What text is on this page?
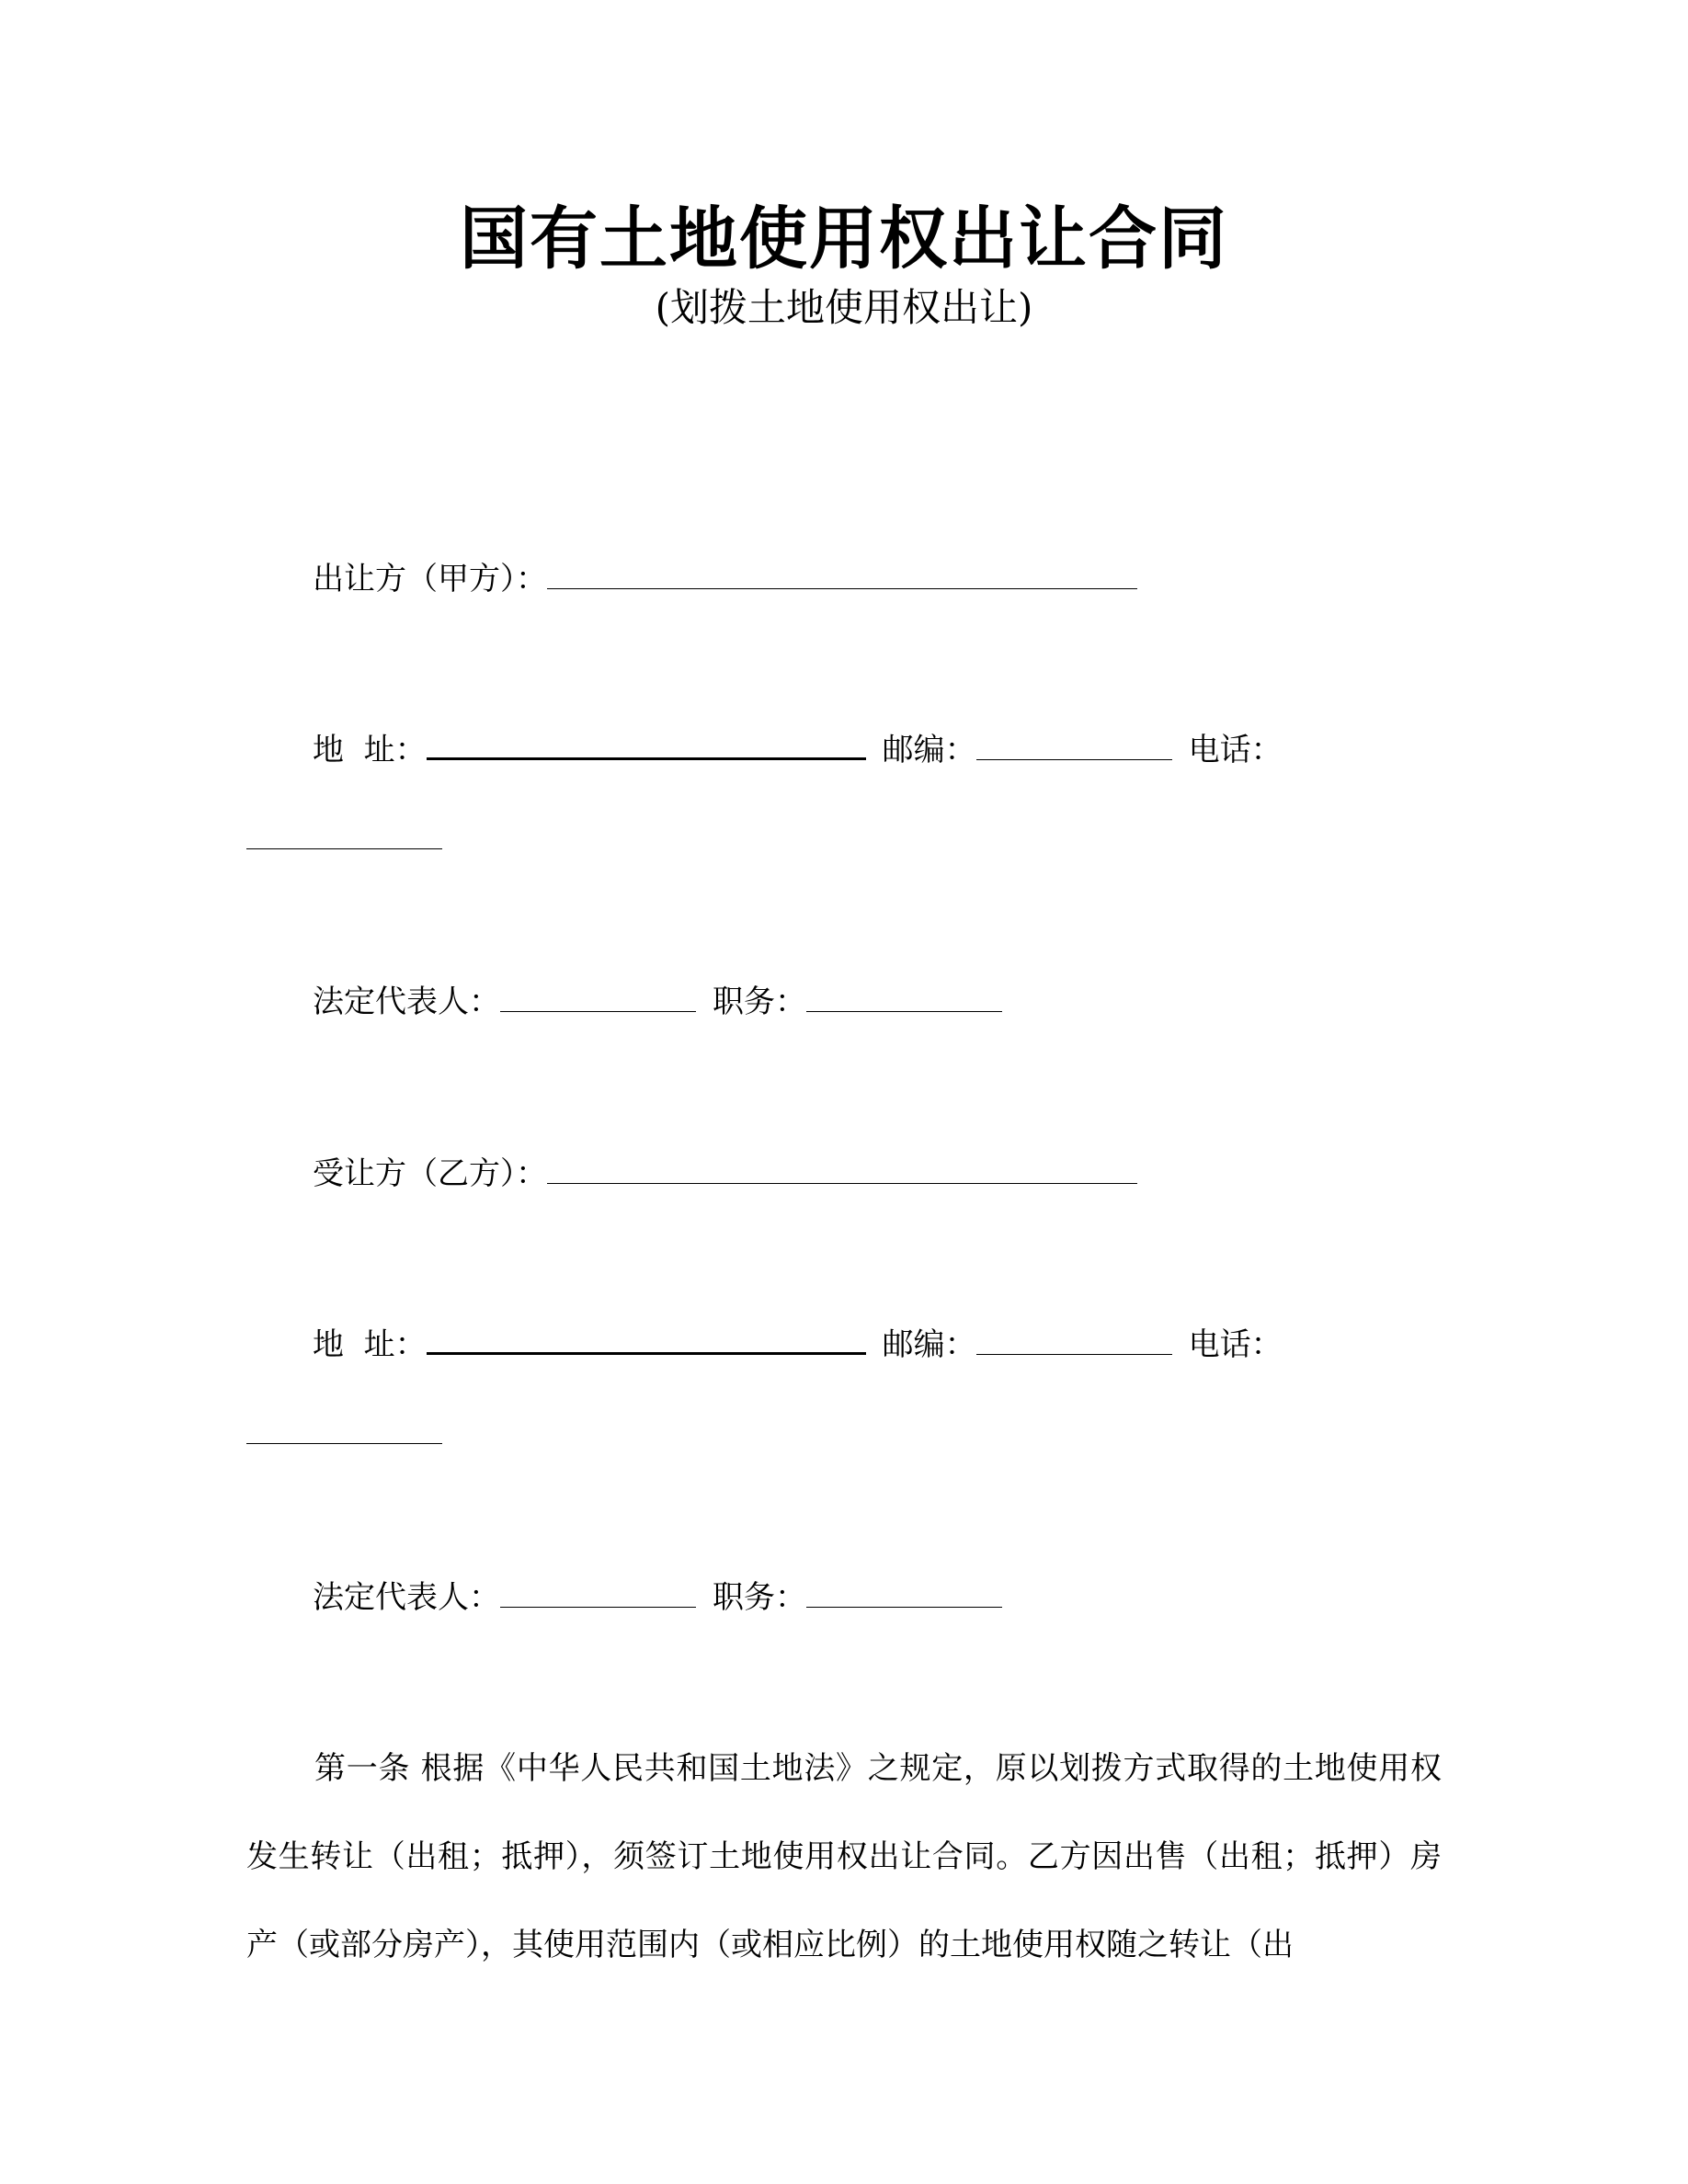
国有土地使用权出让合同
(划拨土地使用权出让)
出让方（甲方）：
地  址：	邮编：	电话：
法定代表人：	职务：
受让方（乙方）：
地  址：	邮编：	电话：
法定代表人：	职务：

第一条 根据《中华人民共和国土地法》之规定，原以划拨方式取得的土地使用权发生转让（出租；抵押），须签订土地使用权出让合同。乙方因出售（出租；抵押）房产（或部分房产），其使用范围内（或相应比例）的土地使用权随之转让（出
